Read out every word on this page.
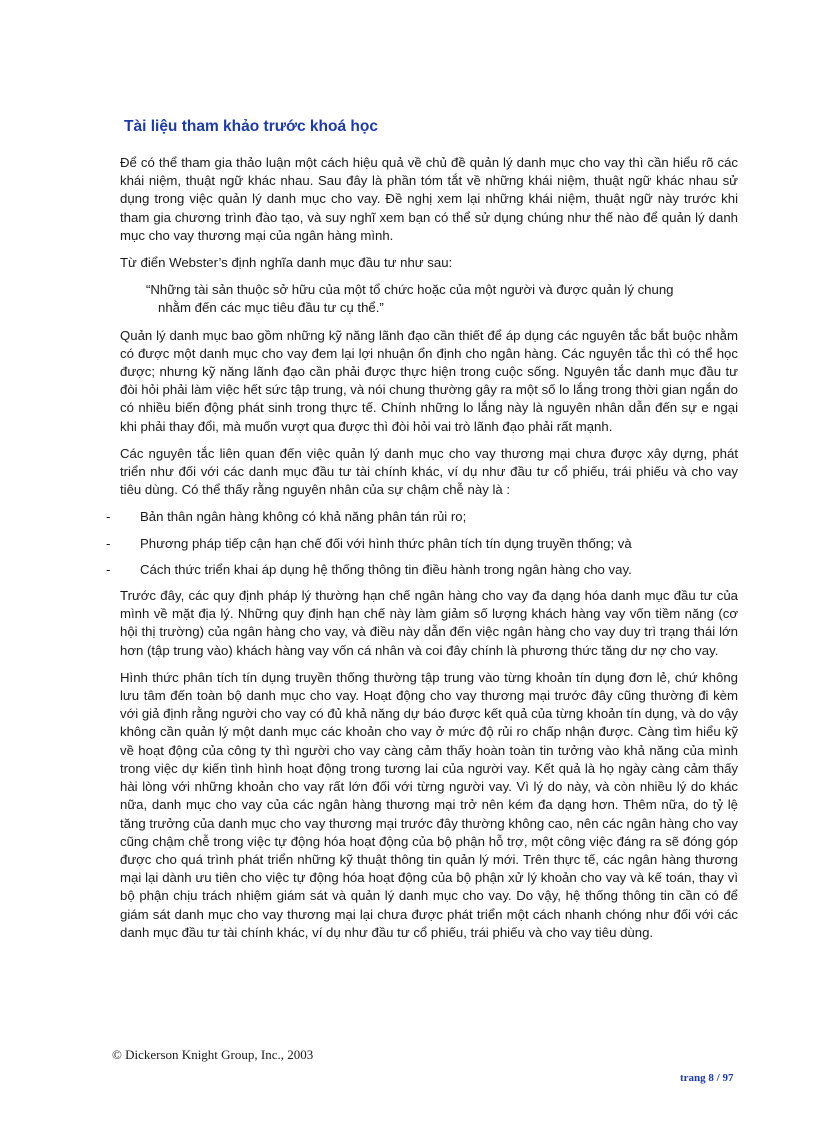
Tài liệu tham khảo trước khoá học

Để có thể tham gia thảo luận một cách hiệu quả về chủ đề quản lý danh mục cho vay thì cần hiểu rõ các khái niệm, thuật ngữ khác nhau. Sau đây là phần tóm tắt về những khái niệm, thuật ngữ khác nhau sử dụng trong việc quản lý danh mục cho vay. Đề nghị xem lại những khái niệm, thuật ngữ này trước khi tham gia chương trình đào tạo, và suy nghĩ xem bạn có thể sử dụng chúng như thế nào để quản lý danh mục cho vay thương mại của ngân hàng mình.

Từ điển Webster’s định nghĩa danh mục đầu tư như sau:

“Những tài sản thuộc sở hữu của một tổ chức hoặc của một người và được quản lý chung
nhằm đến các mục tiêu đầu tư cụ thể.”

Quản lý danh mục bao gồm những kỹ năng lãnh đạo cần thiết để áp dụng các nguyên tắc bắt buộc nhằm có được một danh mục cho vay đem lại lợi nhuận ổn định cho ngân hàng. Các nguyên tắc thì có thể học được; nhưng kỹ năng lãnh đạo cần phải được thực hiện trong cuộc sống. Nguyên tắc danh mục đầu tư đòi hỏi phải làm việc hết sức tập trung, và nói chung thường gây ra một số lo lắng trong thời gian ngắn do có nhiều biến động phát sinh trong thực tế. Chính những lo lắng này là nguyên nhân dẫn đến sự e ngại khi phải thay đổi, mà muốn vượt qua được thì đòi hỏi vai trò lãnh đạo phải rất mạnh.

Các nguyên tắc liên quan đến việc quản lý danh mục cho vay thương mại chưa được xây dựng, phát triển như đối với các danh mục đầu tư tài chính khác, ví dụ như đầu tư cổ phiếu, trái phiếu và cho vay tiêu dùng. Có thể thấy rằng nguyên nhân của sự chậm chễ này là :

- Bản thân ngân hàng không có khả năng phân tán rủi ro;
- Phương pháp tiếp cận hạn chế đối với hình thức phân tích tín dụng truyền thống; và
- Cách thức triển khai áp dụng hệ thống thông tin điều hành trong ngân hàng cho vay.

Trước đây, các quy định pháp lý thường hạn chế ngân hàng cho vay đa dạng hóa danh mục đầu tư của mình về mặt địa lý. Những quy định hạn chế này làm giảm số lượng khách hàng vay vốn tiềm năng (cơ hội thị trường) của ngân hàng cho vay, và điều này dẫn đến việc ngân hàng cho vay duy trì trạng thái lớn hơn (tập trung vào) khách hàng vay vốn cá nhân và coi đây chính là phương thức tăng dư nợ cho vay.

Hình thức phân tích tín dụng truyền thống thường tập trung vào từng khoản tín dụng đơn lẻ, chứ không lưu tâm đến toàn bộ danh mục cho vay. Hoạt động cho vay thương mại trước đây cũng thường đi kèm với giả định rằng người cho vay có đủ khả năng dự báo được kết quả của từng khoản tín dụng, và do vậy không cần quản lý một danh mục các khoản cho vay ở mức độ rủi ro chấp nhận được. Càng tìm hiểu kỹ về hoạt động của công ty thì người cho vay càng cảm thấy hoàn toàn tin tưởng vào khả năng của mình trong việc dự kiến tình hình hoạt động trong tương lai của người vay. Kết quả là họ ngày càng cảm thấy hài lòng với những khoản cho vay rất lớn đối với từng người vay. Vì lý do này, và còn nhiều lý do khác nữa, danh mục cho vay của các ngân hàng thương mại trở nên kém đa dạng hơn. Thêm nữa, do tỷ lệ tăng trưởng của danh mục cho vay thương mại trước đây thường không cao, nên các ngân hàng cho vay cũng chậm chễ trong việc tự động hóa hoạt động của bộ phận hỗ trợ, một công việc đáng ra sẽ đóng góp được cho quá trình phát triển những kỹ thuật thông tin quản lý mới. Trên thực tế, các ngân hàng thương mại lại dành ưu tiên cho việc tự động hóa hoạt động của bộ phận xử lý khoản cho vay và kế toán, thay vì bộ phận chịu trách nhiệm giám sát và quản lý danh mục cho vay. Do vậy, hệ thống thông tin cần có để giám sát danh mục cho vay thương mại lại chưa được phát triển một cách nhanh chóng như đối với các danh mục đầu tư tài chính khác, ví dụ như đầu tư cổ phiếu, trái phiếu và cho vay tiêu dùng.

© Dickerson Knight Group, Inc., 2003
trang 8 / 97
